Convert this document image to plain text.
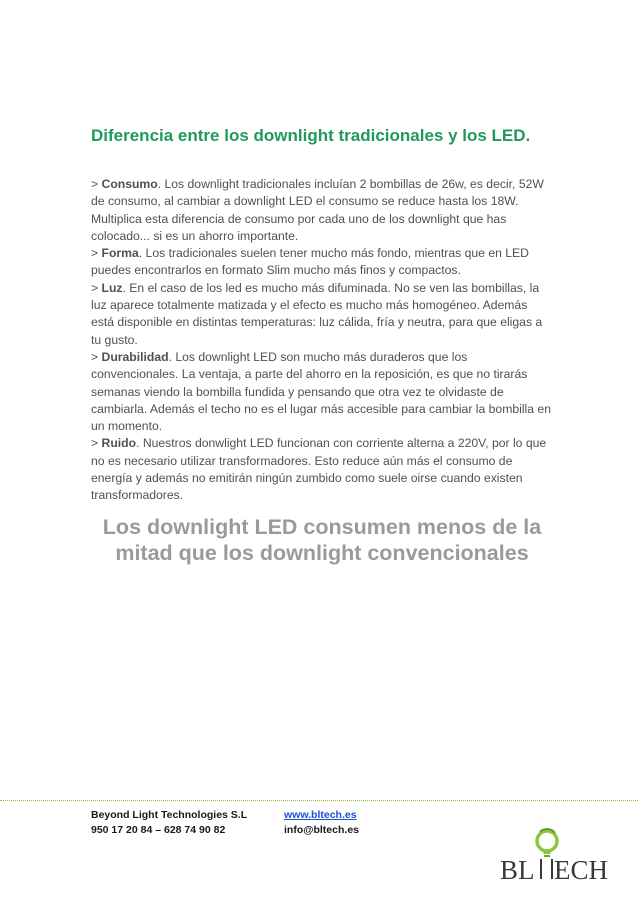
Diferencia entre los downlight tradicionales y los LED.

> Consumo. Los downlight tradicionales incluían 2 bombillas de 26w, es decir, 52W de consumo, al cambiar a downlight LED el consumo se reduce hasta los 18W. Multiplica esta diferencia de consumo por cada uno de los downlight que has colocado... si es un ahorro importante.

> Forma. Los tradicionales suelen tener mucho más fondo, mientras que en LED puedes encontrarlos en formato Slim mucho más finos y compactos.

> Luz. En el caso de los led es mucho más difuminada. No se ven las bombillas, la luz aparece totalmente matizada y el efecto es mucho más homogéneo. Además está disponible en distintas temperaturas: luz cálida, fría y neutra, para que eligas a tu gusto.

> Durabilidad. Los downlight LED son mucho más duraderos que los convencionales. La ventaja, a parte del ahorro en la reposición, es que no tirarás semanas viendo la bombilla fundida y pensando que otra vez te olvidaste de cambiarla. Además el techo no es el lugar más accesible para cambiar la bombilla en un momento.

> Ruido. Nuestros donwlight LED funcionan con corriente alterna a 220V, por lo que no es necesario utilizar transformadores. Esto reduce aún más el consumo de energía y además no emitirán ningún zumbido como suele oirse cuando existen transformadores.

Los downlight LED consumen menos de la mitad que los downlight convencionales
Beyond Light Technologies S.L
950 17 20 84 – 628 74 90 82
www.bltech.es
info@bltech.es
BL ECH
